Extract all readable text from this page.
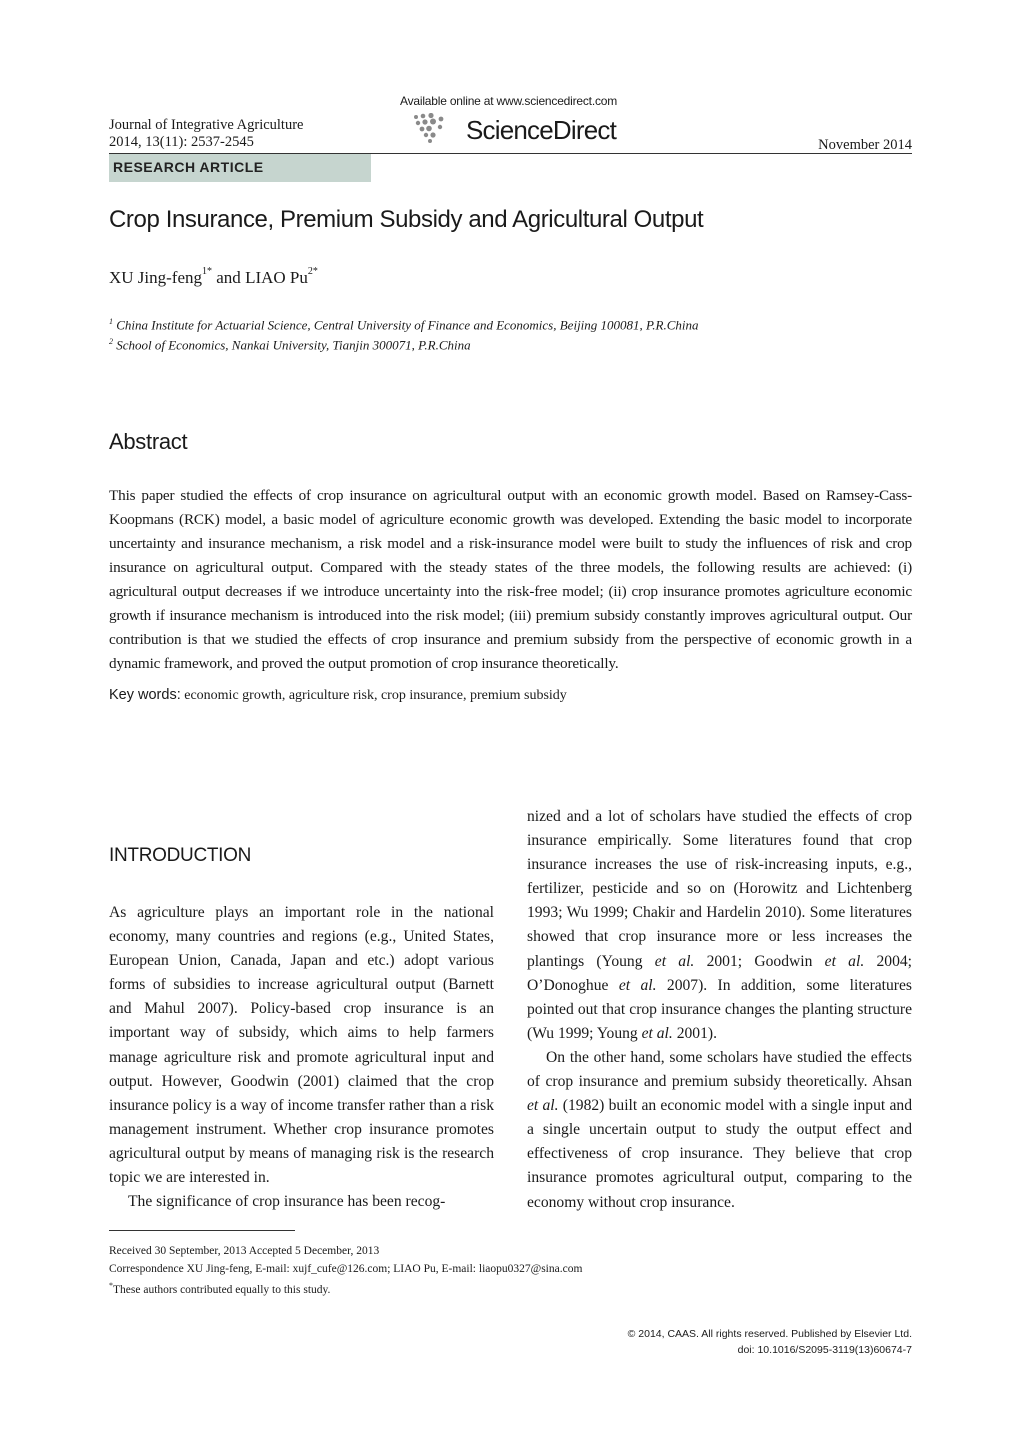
Journal of Integrative Agriculture
2014, 13(11): 2537-2545
Available online at www.sciencedirect.com
ScienceDirect	November 2014
RESEARCH ARTICLE
Crop Insurance, Premium Subsidy and Agricultural Output
XU Jing-feng$^{1*}$ and LIAO $Pu^{2*}$
$^1$ China Institute for Actuarial Science, Central University of Finance and Economics, Beijing 100081, P.R.China
$^2$ School of Economics, Nankai University, Tianjin 300071, P.R.China
Abstract
This paper studied the effects of crop insurance on agricultural output with an economic growth model. Based on Ramsey-Cass-Koopmans (RCK) model, a basic model of agriculture economic growth was developed. Extending the basic model to incorporate uncertainty and insurance mechanism, a risk model and a risk-insurance model were built to study the influences of risk and crop insurance on agricultural output. Compared with the steady states of the three models, the following results are achieved: (i) agricultural output decreases if we introduce uncertainty into the risk-free model; (ii) crop insurance promotes agriculture economic growth if insurance mechanism is introduced into the risk model; (iii) premium subsidy constantly improves agricultural output. Our contribution is that we studied the effects of crop insurance and premium subsidy from the perspective of economic growth in a dynamic framework, and proved the output promotion of crop insurance theoretically.
Key words: economic growth, agriculture risk, crop insurance, premium subsidy
INTRODUCTION

As agriculture plays an important role in the national economy, many countries and regions (e.g., United States, European Union, Canada, Japan and etc.) adopt various forms of subsidies to increase agricultural output (Barnett and Mahul 2007). Policy-based crop insurance is an important way of subsidy, which aims to help farmers manage agriculture risk and promote agricultural input and output. However, Goodwin (2001) claimed that the crop insurance policy is a way of income transfer rather than a risk management instrument. Whether crop insurance promotes agricultural output by means of managing risk is the research topic we are interested in.

The significance of crop insurance has been recog-

nized and a lot of scholars have studied the effects of crop insurance empirically. Some literatures found that crop insurance increases the use of risk-increasing inputs, e.g., fertilizer, pesticide and so on (Horowitz and Lichtenberg 1993; Wu 1999; Chakir and Hardelin 2010). Some literatures showed that crop insurance more or less increases the plantings (Young et al. 2001; Goodwin et al. 2004; O’Donoghue et al. 2007). In addition, some literatures pointed out that crop insurance changes the planting structure (Wu 1999; Young et al. 2001).

On the other hand, some scholars have studied the effects of crop insurance and premium subsidy theoretically. Ahsan et al. (1982) built an economic model with a single input and a single uncertain output to study the output effect and effectiveness of crop insurance. They believe that crop insurance promotes agricultural output, comparing to the economy without crop insurance.

Received 30 September, 2013 Accepted 5 December, 2013
Correspondence XU Jing-feng, E-mail: xujf_cufe@126.com; LIAO Pu, E-mail: liaopu0327@sina.com
*These authors contributed equally to this study.
© 2014, CAAS. All rights reserved. Published by Elsevier Ltd.
doi: 10.1016/S2095-3119(13)60674-7
